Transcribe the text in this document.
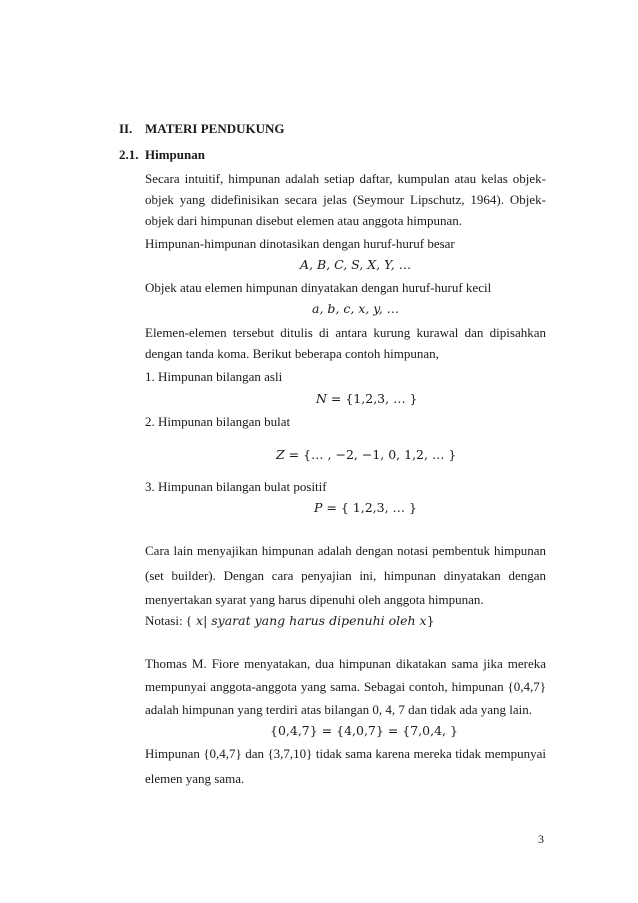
II. MATERI PENDUKUNG
2.1. Himpunan
Secara intuitif, himpunan adalah setiap daftar, kumpulan atau kelas objek-
objek yang didefinisikan secara jelas (Seymour Lipschutz, 1964). Objek-
objek dari himpunan disebut elemen atau anggota himpunan.
Himpunan-himpunan dinotasikan dengan huruf-huruf besar
A, B, C, S, X, Y, …
Objek atau elemen himpunan dinyatakan dengan huruf-huruf kecil
a, b, c, x, y, …
Elemen-elemen tersebut ditulis di antara kurung kurawal dan dipisahkan
dengan tanda koma. Berikut beberapa contoh himpunan,
1. Himpunan bilangan asli
N = {1,2,3, … }
2. Himpunan bilangan bulat
Z = {… , −2, −1, 0, 1,2, … }
3. Himpunan bilangan bulat positif
P = { 1,2,3, … }
Cara lain menyajikan himpunan adalah dengan notasi pembentuk himpunan
(set builder). Dengan cara penyajian ini, himpunan dinyatakan dengan
menyertakan syarat yang harus dipenuhi oleh anggota himpunan.
Notasi: { x| syarat yang harus dipenuhi oleh x}
Thomas M. Fiore menyatakan, dua himpunan dikatakan sama jika mereka
mempunyai anggota-anggota yang sama. Sebagai contoh, himpunan {0,4,7}
adalah himpunan yang terdiri atas bilangan 0, 4, 7 dan tidak ada yang lain.
{0,4,7} = {4,0,7} = {7,0,4, }
Himpunan {0,4,7} dan {3,7,10} tidak sama karena mereka tidak mempunyai
elemen yang sama.
3
